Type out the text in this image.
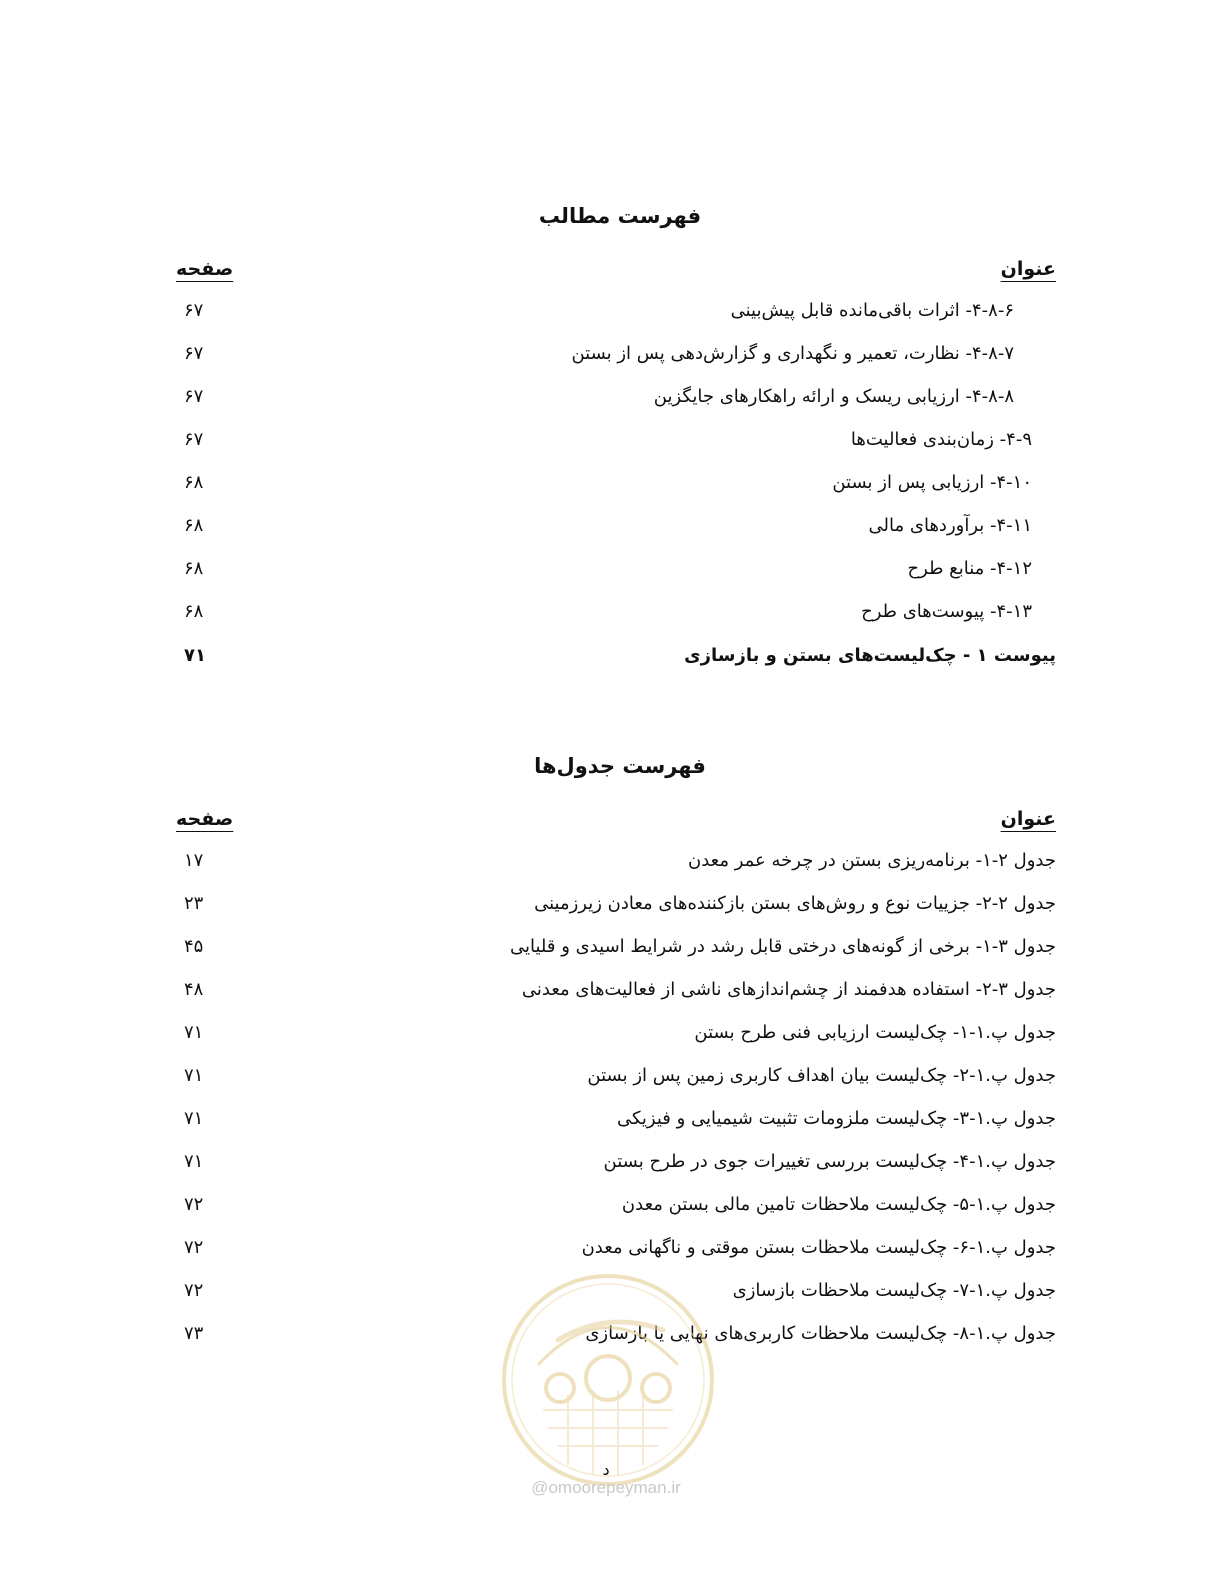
فهرست مطالب
عنوان
صفحه
۴-۸-۶- اثرات باقی‌مانده قابل پیش‌بینی
۶۷
۴-۸-۷- نظارت، تعمیر و نگهداری و گزارش‌دهی پس از بستن
۶۷
۴-۸-۸- ارزیابی ریسک و ارائه راهکارهای جایگزین
۶۷
۴-۹- زمان‌بندی فعالیت‌ها
۶۷
۴-۱۰- ارزیابی پس از بستن
۶۸
۴-۱۱- برآوردهای مالی
۶۸
۴-۱۲- منابع طرح
۶۸
۴-۱۳- پیوست‌های طرح
۶۸
پیوست ۱ - چک‌لیست‌های بستن و بازسازی
۷۱
فهرست جدول‌ها
عنوان
صفحه
جدول ۲-۱- برنامه‌ریزی بستن در چرخه عمر معدن
۱۷
جدول ۲-۲- جزییات نوع و روش‌های بستن بازکننده‌های معادن زیرزمینی
۲۳
جدول ۳-۱- برخی از گونه‌های درختی قابل رشد در شرایط اسیدی و قلیایی
۴۵
جدول ۳-۲- استفاده هدفمند از چشم‌اندازهای ناشی از فعالیت‌های معدنی
۴۸
جدول پ.۱-۱- چک‌لیست ارزیابی فنی طرح بستن
۷۱
جدول پ.۱-۲- چک‌لیست بیان اهداف کاربری زمین پس از بستن
۷۱
جدول پ.۱-۳- چک‌لیست ملزومات تثبیت شیمیایی و فیزیکی
۷۱
جدول پ.۱-۴- چک‌لیست بررسی تغییرات جوی در طرح بستن
۷۱
جدول پ.۱-۵- چک‌لیست ملاحظات تامین مالی بستن معدن
۷۲
جدول پ.۱-۶- چک‌لیست ملاحظات بستن موقتی و ناگهانی معدن
۷۲
جدول پ.۱-۷- چک‌لیست ملاحظات بازسازی
۷۲
جدول پ.۱-۸- چک‌لیست ملاحظات کاربری‌های نهایی یا بازسازی
۷۳
د
@omoorepeyman.ir
